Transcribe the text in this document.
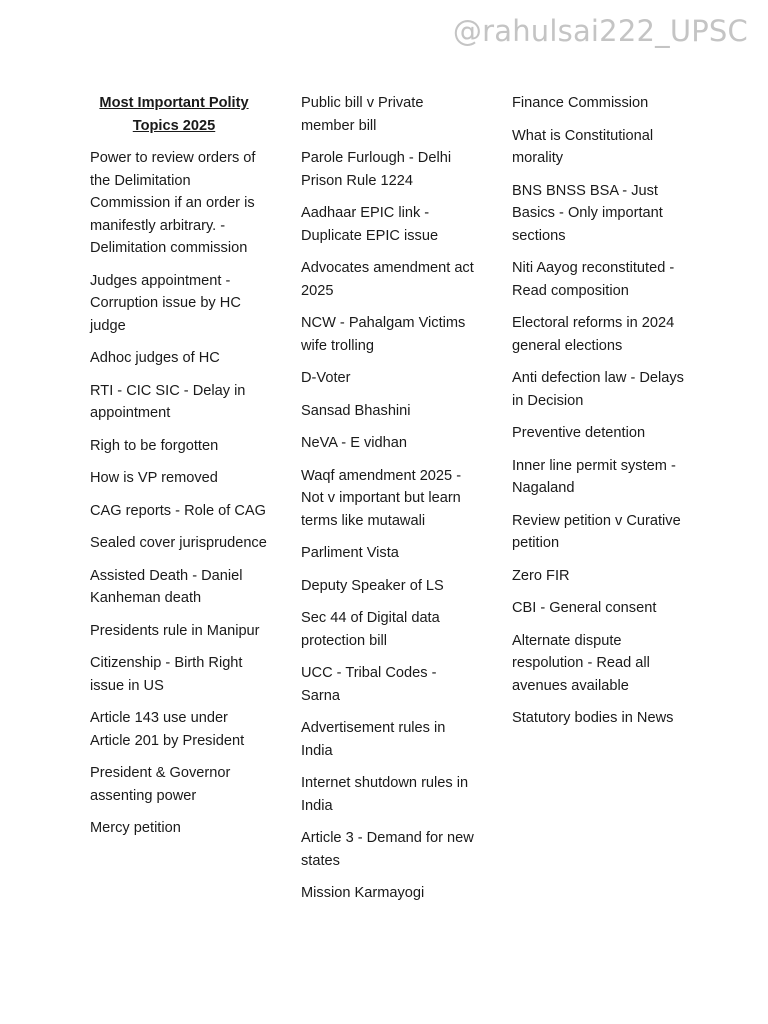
@rahulsai222_UPSC
Most Important Polity Topics 2025
Power to review orders of the Delimitation Commission if an order is manifestly arbitrary. - Delimitation commission
Judges appointment - Corruption issue by HC judge
Adhoc judges of HC
RTI - CIC SIC - Delay in appointment
Righ to be forgotten
How is VP removed
CAG reports - Role of CAG
Sealed cover jurisprudence
Assisted Death - Daniel Kanheman death
Presidents rule in Manipur
Citizenship - Birth Right issue in US
Article 143 use under Article 201 by President
President & Governor assenting power
Mercy petition
Public bill v Private member bill
Parole Furlough - Delhi Prison Rule 1224
Aadhaar EPIC link - Duplicate EPIC issue
Advocates amendment act 2025
NCW - Pahalgam Victims wife trolling
D-Voter
Sansad Bhashini
NeVA - E vidhan
Waqf amendment 2025 - Not v important but learn terms like mutawali
Parliment Vista
Deputy Speaker of LS
Sec 44 of Digital data protection bill
UCC - Tribal Codes - Sarna
Advertisement rules in India
Internet shutdown rules in India
Article 3 - Demand for new states
Mission Karmayogi
Finance Commission
What is Constitutional morality
BNS BNSS BSA - Just Basics - Only important sections
Niti Aayog reconstituted - Read composition
Electoral reforms in 2024 general elections
Anti defection law - Delays in Decision
Preventive detention
Inner line permit system - Nagaland
Review petition v Curative petition
Zero FIR
CBI - General consent
Alternate dispute respolution - Read all avenues available
Statutory bodies in News
